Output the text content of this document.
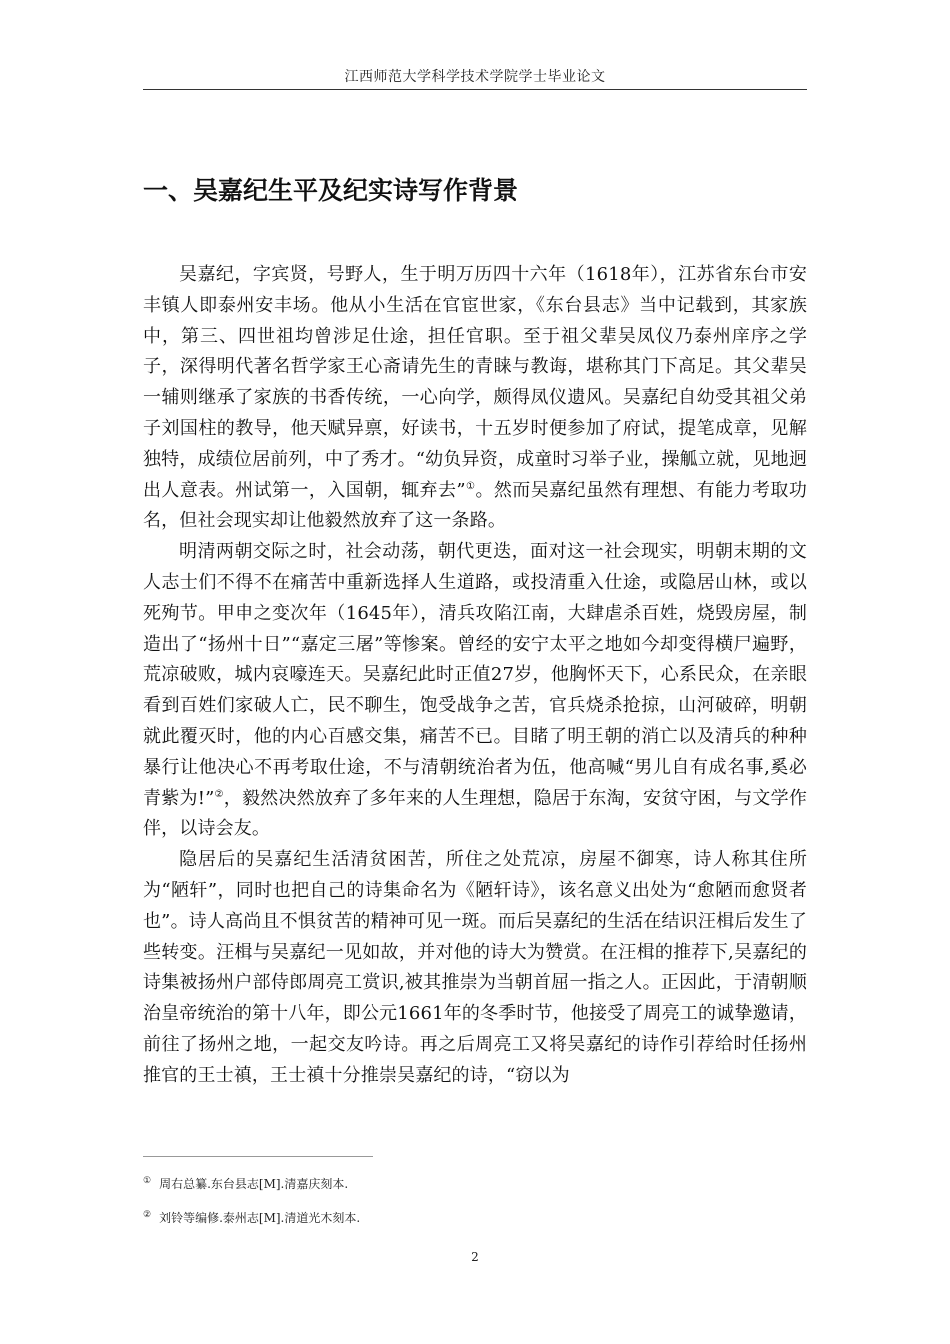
江西师范大学科学技术学院学士毕业论文
一、吴嘉纪生平及纪实诗写作背景

吴嘉纪，字宾贤，号野人，生于明万历四十六年（1618年），江苏省东台市安丰镇人即泰州安丰场。他从小生活在官宦世家，《东台县志》当中记载到，其家族中，第三、四世祖均曾涉足仕途，担任官职。至于祖父辈吴凤仪乃泰州庠序之学子，深得明代著名哲学家王心斋请先生的青睐与教诲，堪称其门下高足。其父辈吴一辅则继承了家族的书香传统，一心向学，颇得凤仪遗风。吴嘉纪自幼受其祖父弟子刘国柱的教导，他天赋异禀，好读书，十五岁时便参加了府试，提笔成章，见解独特，成绩位居前列，中了秀才。“幼负异资，成童时习举子业，操觚立就，见地迥出人意表。州试第一，入国朝，辄弃去”①。然而吴嘉纪虽然有理想、有能力考取功名，但社会现实却让他毅然放弃了这一条路。

明清两朝交际之时，社会动荡，朝代更迭，面对这一社会现实，明朝末期的文人志士们不得不在痛苦中重新选择人生道路，或投清重入仕途，或隐居山林，或以死殉节。甲申之变次年（1645年），清兵攻陷江南，大肆虐杀百姓，烧毁房屋，制造出了“扬州十日”“嘉定三屠”等惨案。曾经的安宁太平之地如今却变得横尸遍野，荒凉破败，城内哀嚎连天。吴嘉纪此时正值27岁，他胸怀天下，心系民众，在亲眼看到百姓们家破人亡，民不聊生，饱受战争之苦，官兵烧杀抢掠，山河破碎，明朝就此覆灭时，他的内心百感交集，痛苦不已。目睹了明王朝的消亡以及清兵的种种暴行让他决心不再考取仕途，不与清朝统治者为伍，他高喊“男儿自有成名事,奚必青紫为!”②，毅然决然放弃了多年来的人生理想，隐居于东淘，安贫守困，与文学作伴，以诗会友。

隐居后的吴嘉纪生活清贫困苦，所住之处荒凉，房屋不御寒，诗人称其住所为“陋轩”，同时也把自己的诗集命名为《陋轩诗》，该名意义出处为“愈陋而愈贤者也”。诗人高尚且不惧贫苦的精神可见一斑。而后吴嘉纪的生活在结识汪楫后发生了些转变。汪楫与吴嘉纪一见如故，并对他的诗大为赞赏。在汪楫的推荐下,吴嘉纪的诗集被扬州户部侍郎周亮工赏识,被其推崇为当朝首屈一指之人。正因此，于清朝顺治皇帝统治的第十八年，即公元1661年的冬季时节，他接受了周亮工的诚挚邀请，前往了扬州之地，一起交友吟诗。再之后周亮工又将吴嘉纪的诗作引荐给时任扬州推官的王士禛，王士禛十分推崇吴嘉纪的诗，“窃以为

① 周右总纂.东台县志[M].清嘉庆刻本.
② 刘铃等编修.泰州志[M].清道光木刻本.
2
